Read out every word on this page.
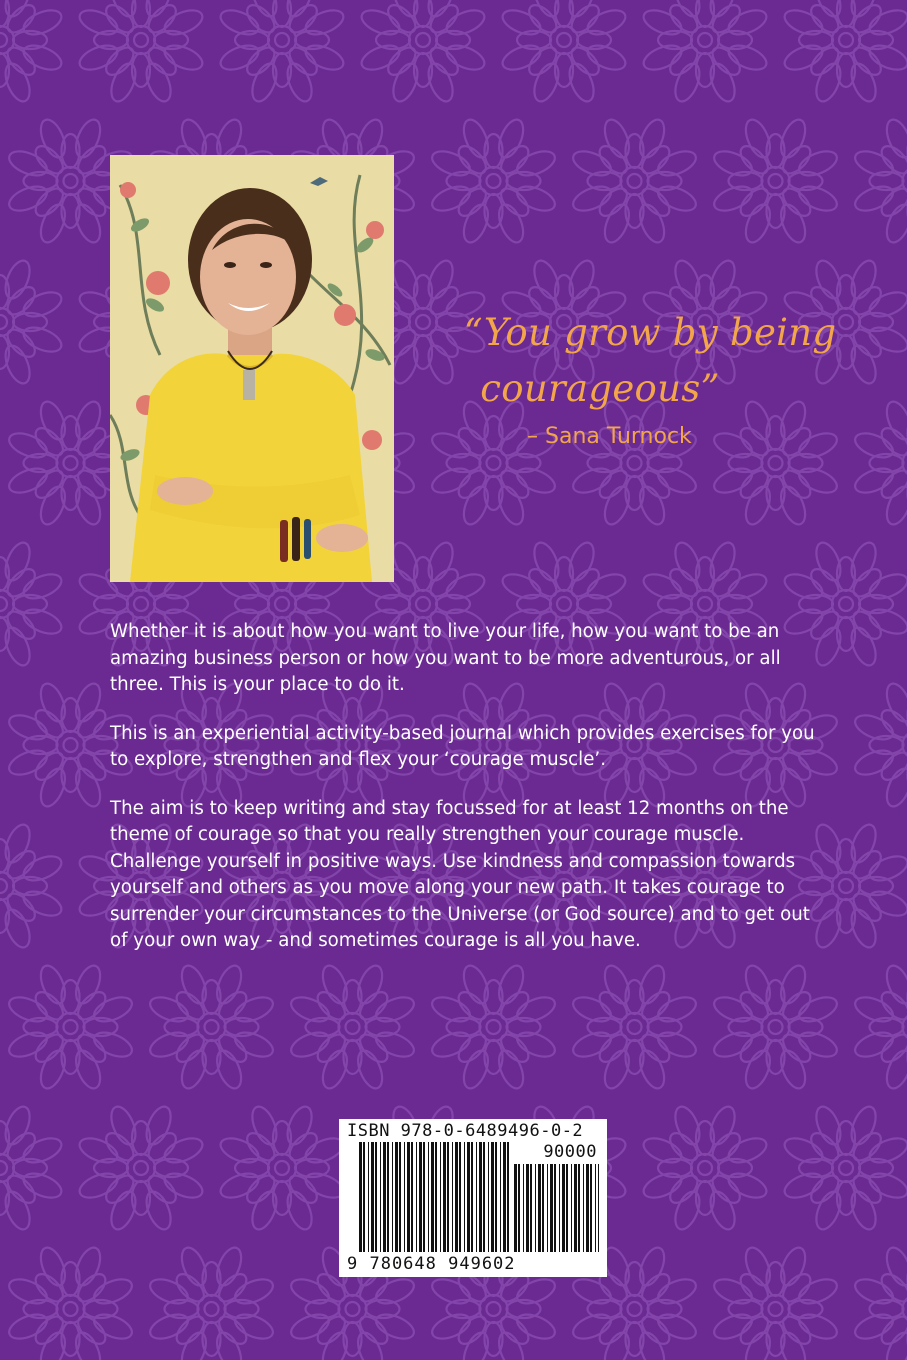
“You grow by being
courageous”
– Sana Turnock

Whether it is about how you want to live your life, how you want to be an amazing business person or how you want to be more adventurous, or all three. This is your place to do it.

This is an experiential activity-based journal which provides exercises for you to explore, strengthen and flex your ‘courage muscle’.

The aim is to keep writing and stay focussed for at least 12 months on the theme of courage so that you really strengthen your courage muscle. Challenge yourself in positive ways. Use kindness and compassion towards yourself and others as you move along your new path. It takes courage to surrender your circumstances to the Universe (or God source) and to get out of your own way - and sometimes courage is all you have.

ISBN 978-0-6489496-0-2
90000
9 780648 949602
